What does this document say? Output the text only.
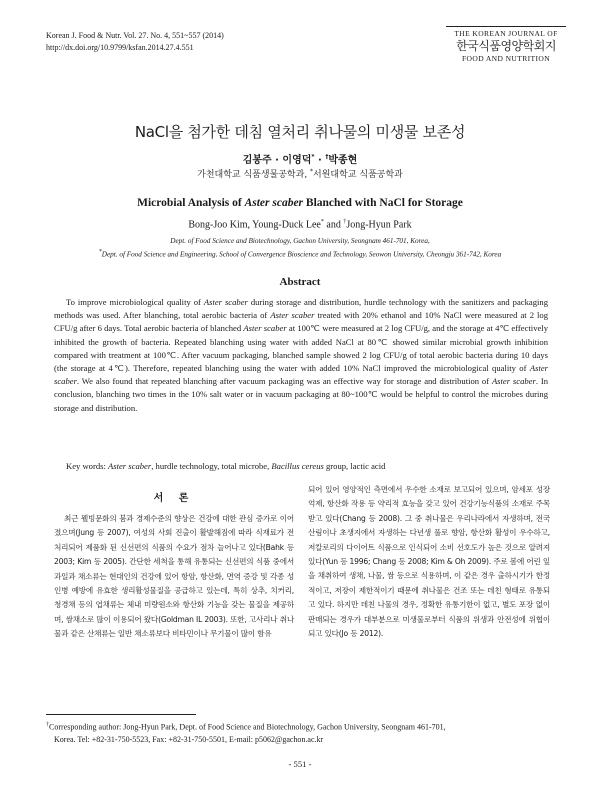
Korean J. Food & Nutr. Vol. 27. No. 4, 551~557 (2014)
http://dx.doi.org/10.9799/ksfan.2014.27.4.551
THE KOREAN JOURNAL OF
한국식품영양학회지
FOOD AND NUTRITION
NaCl을 첨가한 데침 열처리 취나물의 미생물 보존성
김봉주 · 이영덕* · †박종현
가천대학교 식품생물공학과, *서원대학교 식품공학과
Microbial Analysis of Aster scaber Blanched with NaCl for Storage
Bong-Joo Kim, Young-Duck Lee* and †Jong-Hyun Park
Dept. of Food Science and Biotechnology, Gachon University, Seongnam 461-701, Korea,
*Dept. of Food Science and Engineering, School of Convergence Bioscience and Technology, Seowon University, Cheongju 361-742, Korea
Abstract

To improve microbiological quality of Aster scaber during storage and distribution, hurdle technology with the sanitizers and packaging methods was used. After blanching, total aerobic bacteria of Aster scaber treated with 20% ethanol and 10% NaCl were measured at 2 log CFU/g after 6 days. Total aerobic bacteria of blanched Aster scaber at 100℃ were measured at 2 log CFU/g, and the storage at 4℃ effectively inhibited the growth of bacteria. Repeated blanching using water with added NaCl at 80℃ showed similar microbial growth inhibition compared with treatment at 100℃. After vacuum packaging, blanched sample showed 2 log CFU/g of total aerobic bacteria during 10 days (the storage at 4℃). Therefore, repeated blanching using the water with added 10% NaCl improved the microbiological quality of Aster scaber. We also found that repeated blanching after vacuum packaging was an effective way for storage and distribution of Aster scaber. In conclusion, blanching two times in the 10% salt water or in vacuum packaging at 80~100℃ would be helpful to control the microbes during storage and distribution.

Key words: Aster scaber, hurdle technology, total microbe, Bacillus cereus group, lactic acid
서 론

최근 웰빙문화의 붐과 경제수준의 향상은 건강에 대한 관심 증가로 이어졌으며(Jung 등 2007), 여성의 사회 진출이 활발해짐에 따라 식재료가 전처리되어 제품화 된 신선편의 식품의 수요가 점차 늘어나고 있다(Bahk 등 2003; Kim 등 2005). 간단한 세척을 통해 유통되는 신선편의 식품 중에서 과일과 채소류는 현대인의 건강에 있어 항암, 항산화, 면역 증강 및 각종 성인병 예방에 유효한 생리활성물질을 공급하고 있는데, 특히 상추, 치커리, 청경채 등의 엽채류는 체내 미량원소와 항산화 기능을 갖는 물질을 제공하며, 쌈채소로 많이 이용되어 왔다(Goldman IL 2003). 또한, 고사리나 취나물과 같은 산채류는 일반 채소류보다 비타민이나 무기물이 많이 함유

되어 있어 영양적인 측면에서 우수한 소재로 보고되어 있으며, 암세포 성장 억제, 항산화 작용 등 약리적 효능을 갖고 있어 건강기능식품의 소재로 주목 받고 있다(Chang 등 2008). 그 중 취나물은 우리나라에서 자생하며, 전국 산림이나 초생지에서 자생하는 다년생 풀로 향암, 항산화 활성이 우수하고, 저칼로리의 다이어트 식품으로 인식되어 소비 선호도가 높은 것으로 알려져 있다(Yun 등 1996; Chang 등 2008; Kim & Oh 2009). 주로 봄에 어린 잎을 채취하여 생채, 나물, 쌈 등으로 식용하며, 이 같은 경우 출하시기가 한정적이고, 저장이 제한적이기 때문에 취나물은 건조 또는 데친 형태로 유통되고 있다. 하지만 데친 나물의 경우, 정확한 유통기한이 없고, 별도 포장 없이 판매되는 경우가 대부분으로 미생물로부터 식품의 위생과 안전성에 위협이 되고 있다(Jo 등 2012).

†Corresponding author: Jong-Hyun Park, Dept. of Food Science and Biotechnology, Gachon University, Seongnam 461-701,
Korea. Tel: +82-31-750-5523, Fax: +82-31-750-5501, E-mail: p5062@gachon.ac.kr
- 551 -
